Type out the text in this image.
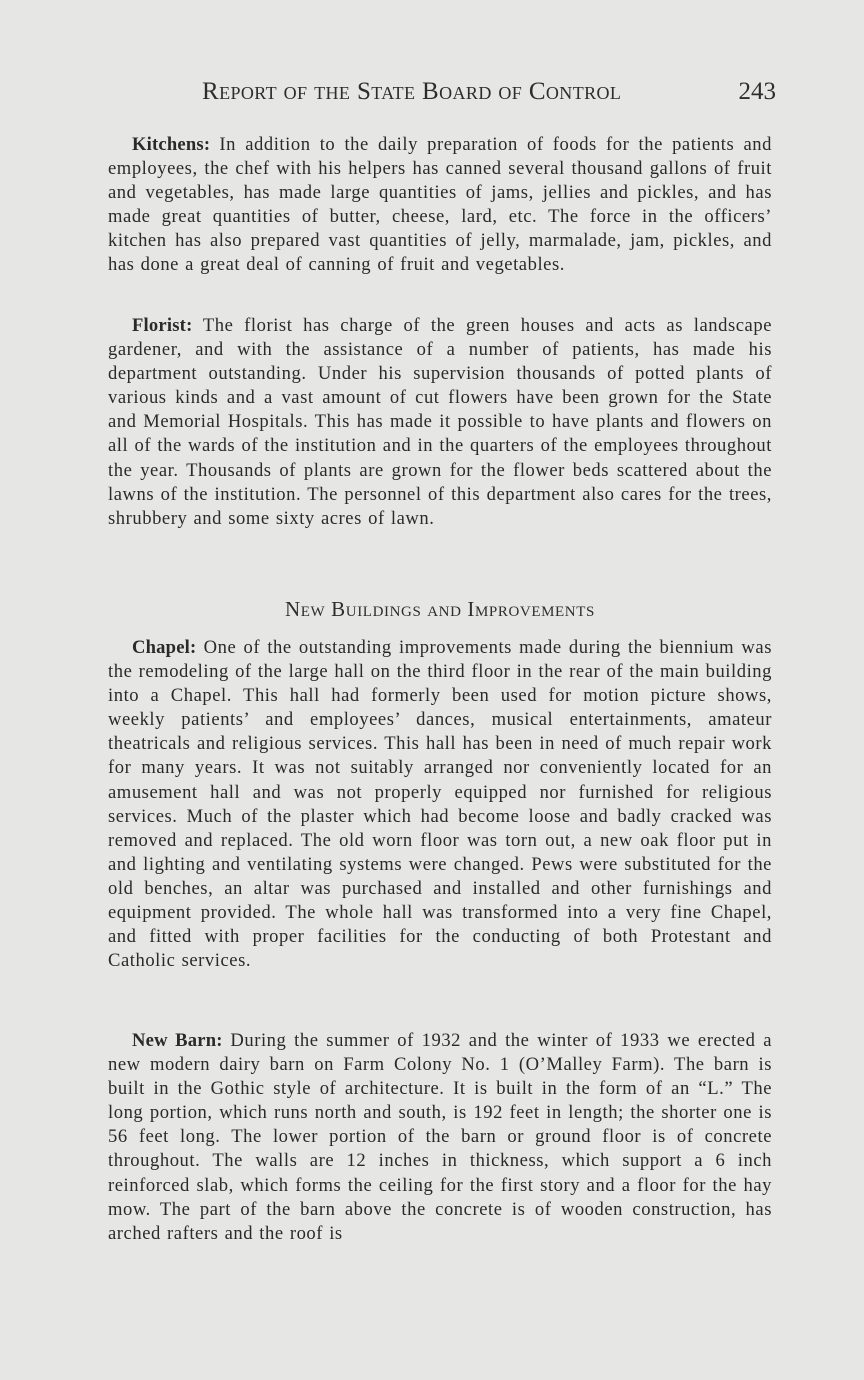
Report of the State Board of Control	243

Kitchens: In addition to the daily preparation of foods for the patients and employees, the chef with his helpers has canned several thousand gallons of fruit and vegetables, has made large quantities of jams, jellies and pickles, and has made great quantities of butter, cheese, lard, etc. The force in the officers’ kitchen has also prepared vast quantities of jelly, marmalade, jam, pickles, and has done a great deal of canning of fruit and vegetables.

Florist: The florist has charge of the green houses and acts as landscape gardener, and with the assistance of a number of patients, has made his department outstanding. Under his supervision thousands of potted plants of various kinds and a vast amount of cut flowers have been grown for the State and Memorial Hospitals. This has made it possible to have plants and flowers on all of the wards of the institution and in the quarters of the employees throughout the year. Thousands of plants are grown for the flower beds scattered about the lawns of the institution. The personnel of this department also cares for the trees, shrubbery and some sixty acres of lawn.

New Buildings and Improvements

Chapel: One of the outstanding improvements made during the biennium was the remodeling of the large hall on the third floor in the rear of the main building into a Chapel. This hall had formerly been used for motion picture shows, weekly patients’ and employees’ dances, musical entertainments, amateur theatricals and religious services. This hall has been in need of much repair work for many years. It was not suitably arranged nor conveniently located for an amusement hall and was not properly equipped nor furnished for religious services. Much of the plaster which had become loose and badly cracked was removed and replaced. The old worn floor was torn out, a new oak floor put in and lighting and ventilating systems were changed. Pews were substituted for the old benches, an altar was purchased and installed and other furnishings and equipment provided. The whole hall was transformed into a very fine Chapel, and fitted with proper facilities for the conducting of both Protestant and Catholic services.

New Barn: During the summer of 1932 and the winter of 1933 we erected a new modern dairy barn on Farm Colony No. 1 (O’Malley Farm). The barn is built in the Gothic style of architecture. It is built in the form of an “L.” The long portion, which runs north and south, is 192 feet in length; the shorter one is 56 feet long. The lower portion of the barn or ground floor is of concrete throughout. The walls are 12 inches in thickness, which support a 6 inch reinforced slab, which forms the ceiling for the first story and a floor for the hay mow. The part of the barn above the concrete is of wooden construction, has arched rafters and the roof is
